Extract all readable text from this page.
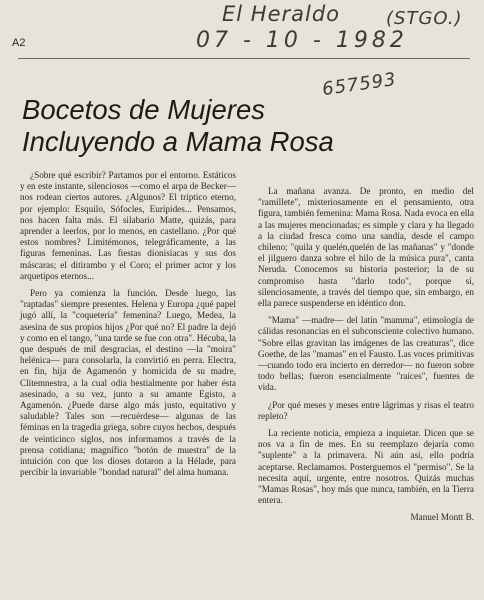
El Heraldo	(STGO.)
07 - 10 - 1982
657593
A2
Bocetos de Mujeres
Incluyendo a Mama Rosa

¿Sobre qué escribir? Partamos por el entorno. Estáticos y en este instante, silenciosos —como el arpa de Becker— nos rodean ciertos autores. ¿Algunos? El tríptico eterno, por ejemplo: Esquilo, Sófocles, Eurípides... Pensamos, nos hacen falta más. El silabario Matte, quizás, para aprender a leerlos, por lo menos, en castellano. ¿Por qué estos nombres? Limitémonos, telegráficamente, a las figuras femeninas. Las fiestas dionisíacas y sus dos máscaras; el ditirambo y el Coro; el primer actor y los arquetipos eternos...

Pero ya comienza la función. Desde luego, las "raptadas" siempre presentes. Helena y Europa ¿qué papel jugó allí, la "coquetería" femenina? Luego, Medea, la asesina de sus propios hijos ¿Por qué no? El padre la dejó y como en el tango, "una tarde se fue con otra". Hécuba, la que después de mil desgracias, el destino —la "moira" helénica— para consolarla, la convirtió en perra. Electra, en fin, hija de Agamenón y homicida de su madre, Clitemnestra, a la cual odia bestialmente por haber ésta asesinado, a su vez, junto a su amante Egisto, a Agamenón. ¿Puede darse algo más justo, equitativo y saludable? Tales son —recuérdese— algunas de las féminas en la tragedia griega, sobre cuyos hechos, después de veinticinco siglos, nos informamos a través de la prensa cotidiana; magnífico "botón de muestra" de la intuición con que los dioses dotaron a la Hélade, para percibir la invariable "bondad natural" del alma humana.

La mañana avanza. De pronto, en medio del "ramillete", misteriosamente en el pensamiento, otra figura, también femenina: Mama Rosa. Nada evoca en ella a las mujeres mencionadas; es simple y clara y ha llegado a la ciudad fresca como una sandía, desde el campo chileno; "quila y quelén,quelén de las mañanas" y "donde el jilguero danza sobre el hilo de la música pura", canta Neruda. Conocemos su historia posterior; la de su compromiso hasta "darlo todo", porque sí, silenciosamente, a través del tiempo que, sin embargo, en ella parece suspenderse en idéntico don.

"Mama" —madre— del latín "mamma", etimología de cálidas resonancias en el subconsciente colectivo humano. "Sobre ellas gravitan las imágenes de las creaturas", dice Goethe, de las "mamas" en el Fausto. Las voces primitivas —cuando todo era incierto en derredor— no fueron sobre todo bellas; fueron esencialmente "raíces", fuentes de vida.

¿Por qué meses y meses entre lágrimas y risas el teatro repleto?

La reciente noticia, empieza a inquietar. Dicen que se nos va a fin de mes. En su reemplazo dejaría como "suplente" a la primavera. Ni aún así, ello podría aceptarse. Reclamamos. Posterguemos el "permiso". Se la necesita aquí, urgente, entre nosotros. Quizás muchas "Mamas Rosas", hoy más que nunca, también, en la Tierra entera.

Manuel Montt B.
